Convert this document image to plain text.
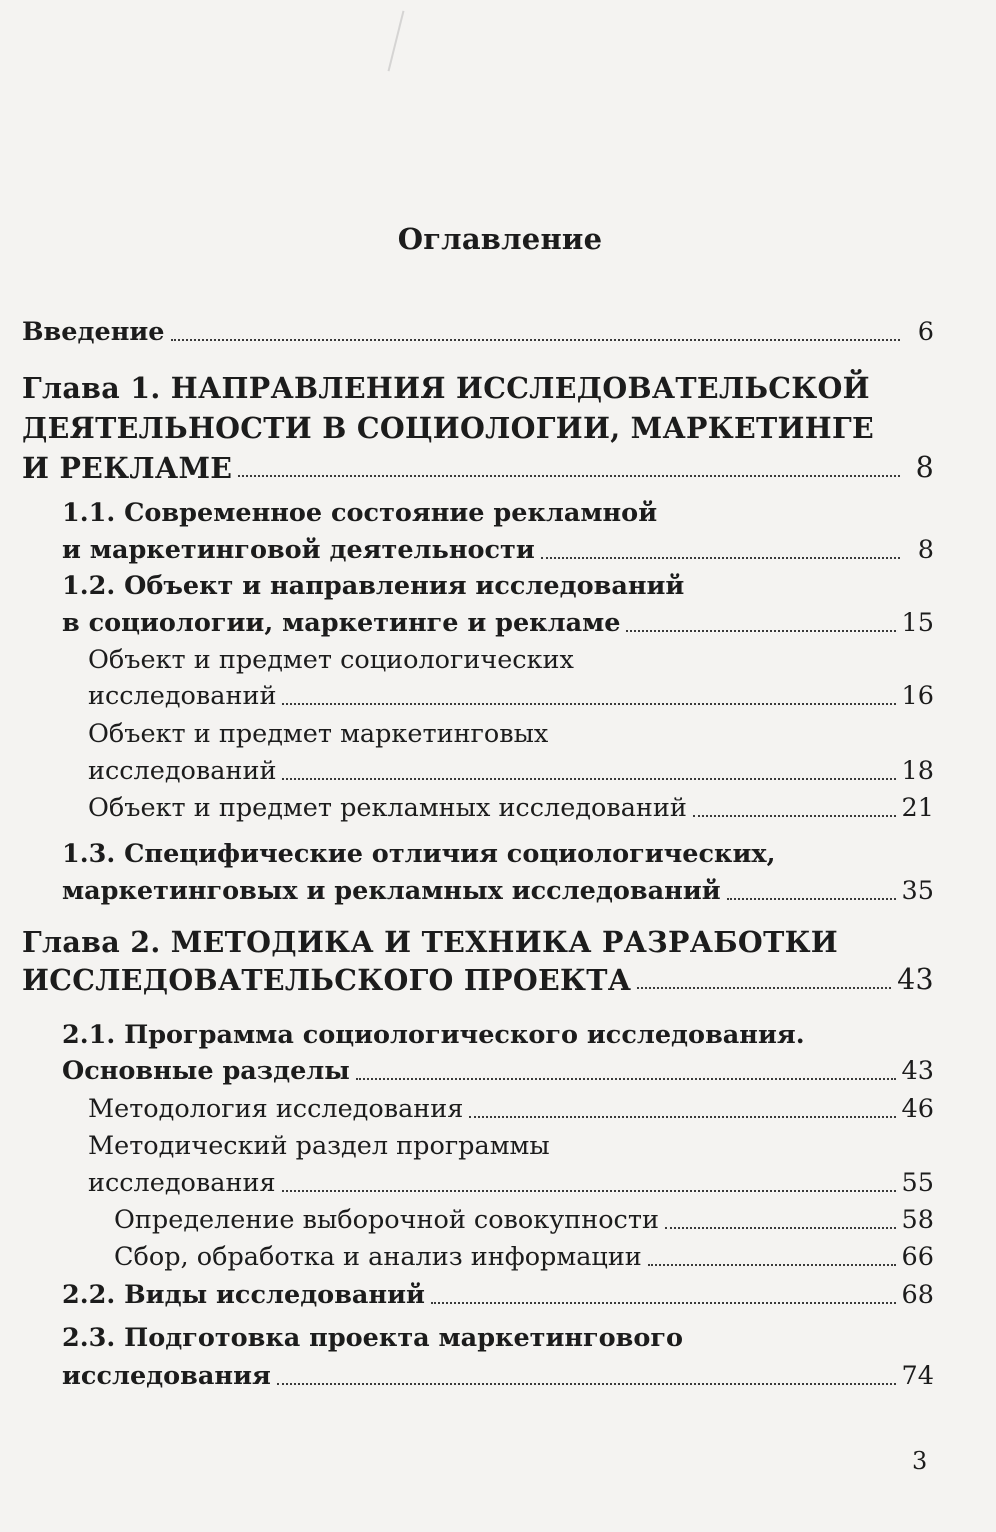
Оглавление
Введение	6
Глава 1. НАПРАВЛЕНИЯ ИССЛЕДОВАТЕЛЬСКОЙ
ДЕЯТЕЛЬНОСТИ В СОЦИОЛОГИИ, МАРКЕТИНГЕ
И РЕКЛАМЕ	8
1.1. Современное состояние рекламной
и маркетинговой деятельности	8
1.2. Объект и направления исследований
в социологии, маркетинге и рекламе	15
Объект и предмет социологических
исследований	16
Объект и предмет маркетинговых
исследований	18
Объект и предмет рекламных исследований	21
1.3. Специфические отличия социологических,
маркетинговых и рекламных исследований	35
Глава 2. МЕТОДИКА И ТЕХНИКА РАЗРАБОТКИ
ИССЛЕДОВАТЕЛЬСКОГО ПРОЕКТА	43
2.1. Программа социологического исследования.
Основные разделы	43
Методология исследования	46
Методический раздел программы
исследования	55
Определение выборочной совокупности	58
Сбор, обработка и анализ информации	66
2.2. Виды исследований	68
2.3. Подготовка проекта маркетингового
исследования	74
3
